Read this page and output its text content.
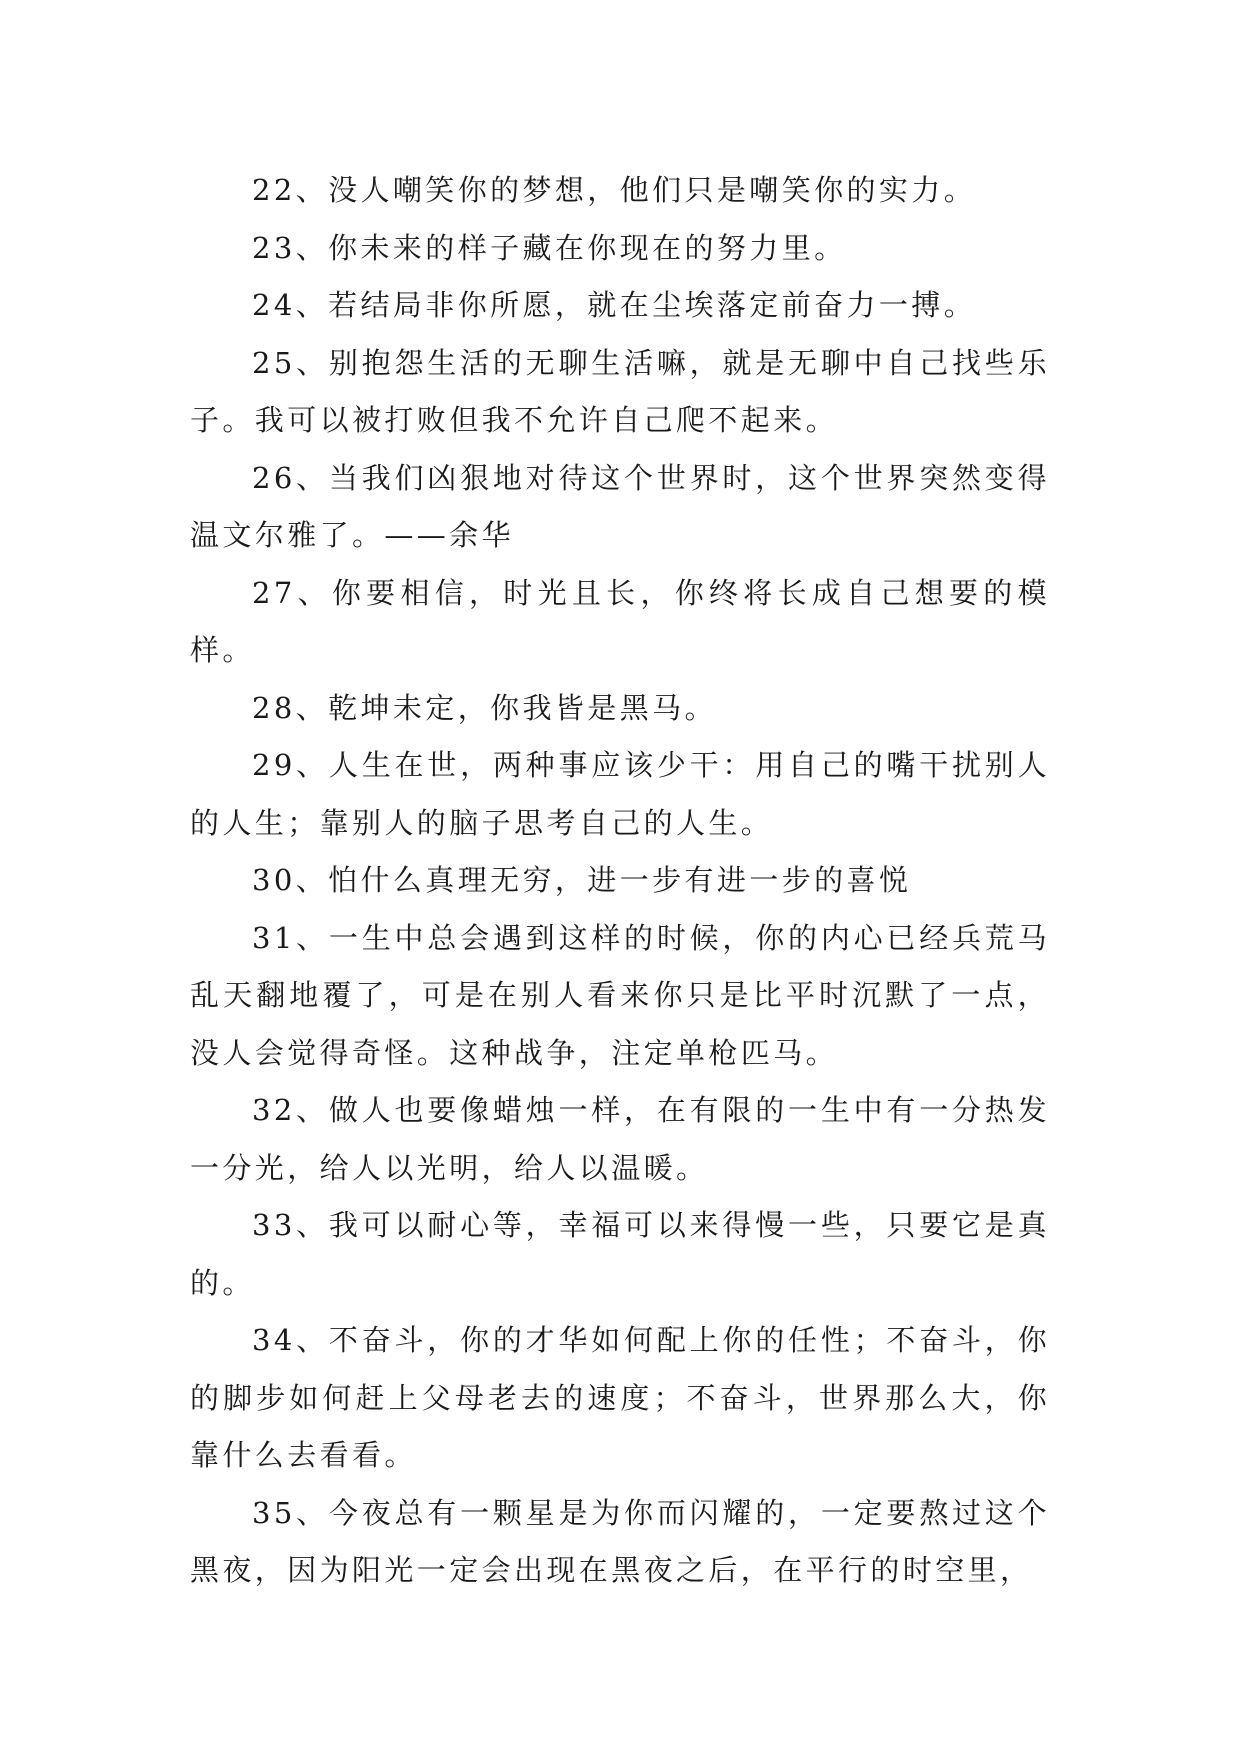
22、没人嘲笑你的梦想，他们只是嘲笑你的实力。

23、你未来的样子藏在你现在的努力里。

24、若结局非你所愿，就在尘埃落定前奋力一搏。

25、别抱怨生活的无聊生活嘛，就是无聊中自己找些乐子。我可以被打败但我不允许自己爬不起来。

26、当我们凶狠地对待这个世界时，这个世界突然变得温文尔雅了。——余华

27、你要相信，时光且长，你终将长成自己想要的模样。

28、乾坤未定，你我皆是黑马。

29、人生在世，两种事应该少干：用自己的嘴干扰别人的人生；靠别人的脑子思考自己的人生。

30、怕什么真理无穷，进一步有进一步的喜悦

31、一生中总会遇到这样的时候，你的内心已经兵荒马乱天翻地覆了，可是在别人看来你只是比平时沉默了一点，没人会觉得奇怪。这种战争，注定单枪匹马。

32、做人也要像蜡烛一样，在有限的一生中有一分热发一分光，给人以光明，给人以温暖。

33、我可以耐心等，幸福可以来得慢一些，只要它是真的。

34、不奋斗，你的才华如何配上你的任性；不奋斗，你的脚步如何赶上父母老去的速度；不奋斗，世界那么大，你靠什么去看看。

35、今夜总有一颗星是为你而闪耀的，一定要熬过这个黑夜，因为阳光一定会出现在黑夜之后，在平行的时空里，
